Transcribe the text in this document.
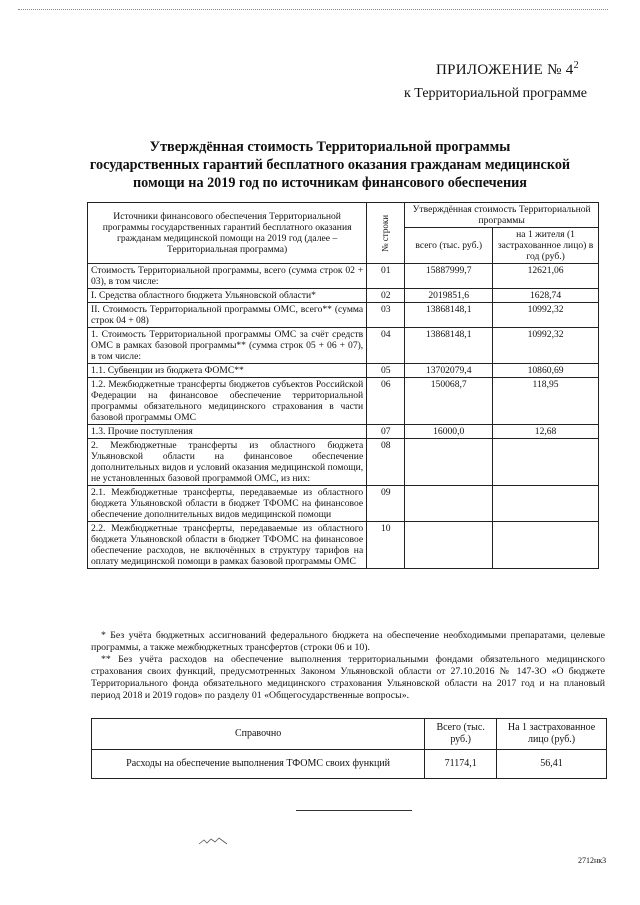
ПРИЛОЖЕНИЕ № $4^2$
к Территориальной программе
Утверждённая стоимость Территориальной программы
государственных гарантий бесплатного оказания гражданам медицинской
помощи на 2019 год по источникам финансового обеспечения
Источники финансового обеспечения Территориальной программы государственных гарантий бесплатного оказания гражданам медицинской помощи на 2019 год (далее – Территориальная программа)	№ строки	Утверждённая стоимость Территориальной программы	
		всего (тыс. руб.)	на 1 жителя (1 застрахованное лицо) в год (руб.)
Стоимость Территориальной программы, всего (сумма строк 02 + 03), в том числе:	01	15887999,7	12621,06
I. Средства областного бюджета Ульяновской области*	02	2019851,6	1628,74
II. Стоимость Территориальной программы ОМС, всего** (сумма строк 04 + 08)	03	13868148,1	10992,32
1. Стоимость Территориальной программы ОМС за счёт средств ОМС в рамках базовой программы** (сумма строк 05 + 06 + 07), в том числе:	04	13868148,1	10992,32
1.1. Субвенции из бюджета ФОМС**	05	13702079,4	10860,69
1.2. Межбюджетные трансферты бюджетов субъектов Российской Федерации на финансовое обеспечение территориальной программы обязательного медицинского страхования в части базовой программы ОМС	06	150068,7	118,95
1.3. Прочие поступления	07	16000,0	12,68
2. Межбюджетные трансферты из областного бюджета Ульяновской области на финансовое обеспечение дополнительных видов и условий оказания медицинской помощи, не установленных базовой программой ОМС, из них:	08		
2.1. Межбюджетные трансферты, передаваемые из областного бюджета Ульяновской области в бюджет ТФОМС на финансовое обеспечение дополнительных видов медицинской помощи	09		
2.2. Межбюджетные трансферты, передаваемые из областного бюджета Ульяновской области в бюджет ТФОМС на финансовое обеспечение расходов, не включённых в структуру тарифов на оплату медицинской помощи в рамках базовой программы ОМС	10		

* Без учёта бюджетных ассигнований федерального бюджета на обеспечение необходимыми препаратами, целевые программы, а также межбюджетных трансфертов (строки 06 и 10).

** Без учёта расходов на обеспечение выполнения территориальными фондами обязательного медицинского страхования своих функций, предусмотренных Законом Ульяновской области от 27.10.2016 № 147-ЗО «О бюджете Территориального фонда обязательного медицинского страхования Ульяновской области на 2017 год и на плановый период 2018 и 2019 годов» по разделу 01 «Общегосударственные вопросы».

Справочно	Всего (тыс. руб.)	На 1 застрахованное лицо (руб.)
Расходы на обеспечение выполнения ТФОМС своих функций	71174,1	56,41
2712нк3
